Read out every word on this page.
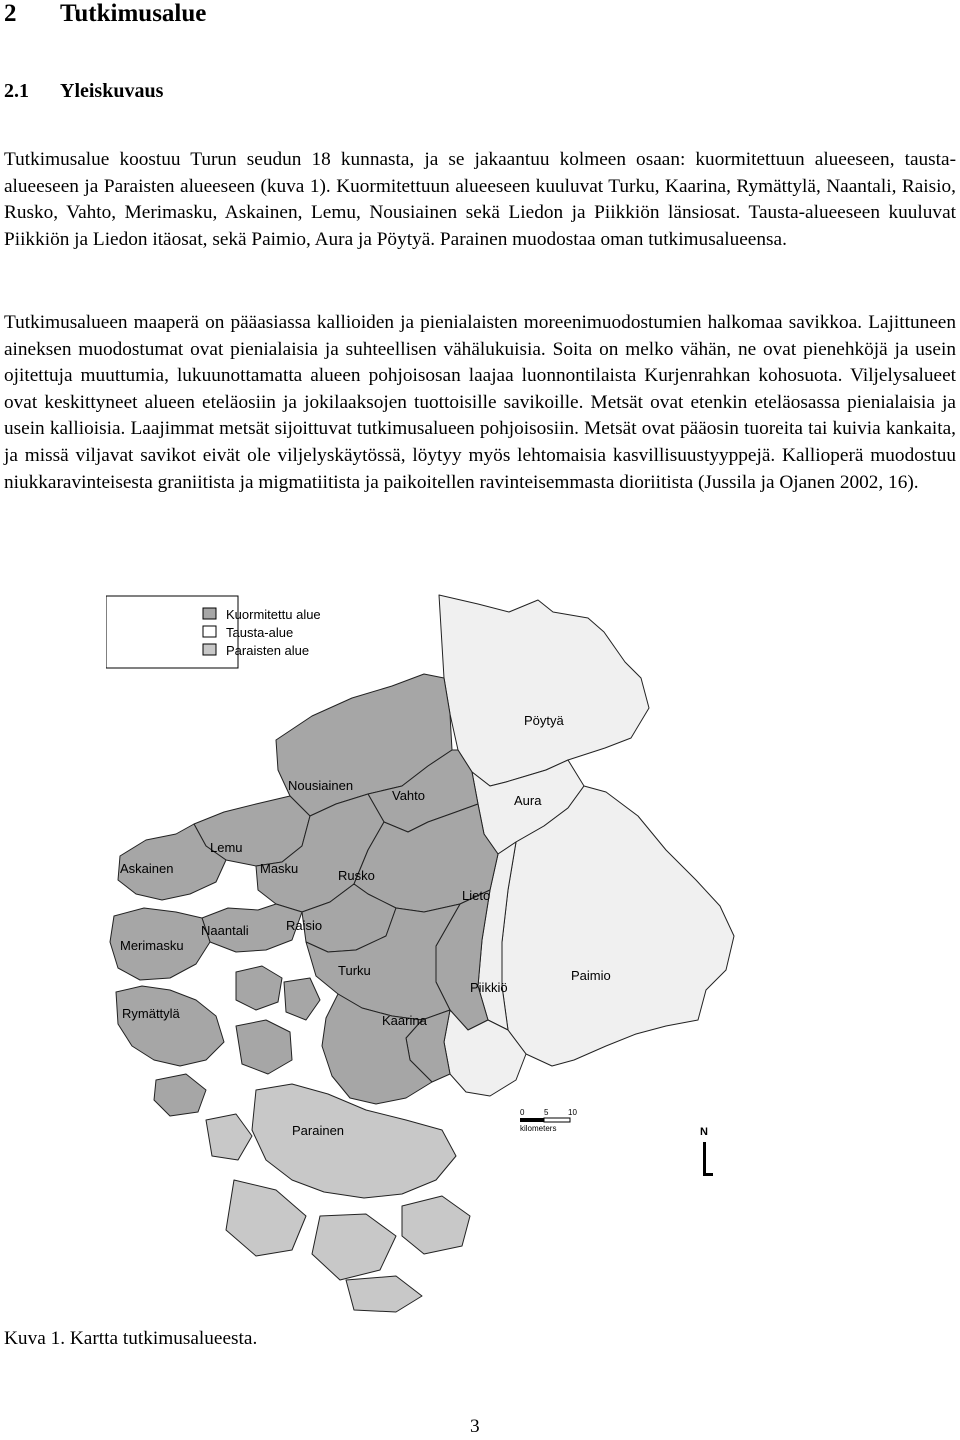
2 Tutkimusalue
2.1 Yleiskuvaus

Tutkimusalue koostuu Turun seudun 18 kunnasta, ja se jakaantuu kolmeen osaan: kuormitettuun alueeseen, tausta-alueeseen ja Paraisten alueeseen (kuva 1). Kuormitettuun alueeseen kuuluvat Turku, Kaarina, Rymättylä, Naantali, Raisio, Rusko, Vahto, Merimasku, Askainen, Lemu, Nousiainen sekä Liedon ja Piikkiön länsiosat. Tausta-alueeseen kuuluvat Piikkiön ja Liedon itäosat, sekä Paimio, Aura ja Pöytyä. Parainen muodostaa oman tutkimusalueensa.

Tutkimusalueen maaperä on pääasiassa kallioiden ja pienialaisten moreenimuodostumien halkomaa savikkoa. Lajittuneen aineksen muodostumat ovat pienialaisia ja suhteellisen vähälukuisia. Soita on melko vähän, ne ovat pienehköjä ja usein ojitettuja muuttumia, lukuunottamatta alueen pohjoisosan laajaa luonnontilaista Kurjenrahkan kohosuota. Viljelysalueet ovat keskittyneet alueen eteläosiin ja jokilaaksojen tuottoisille savikoille. Metsät ovat etenkin eteläosassa pienialaisia ja usein kallioisia. Laajimmat metsät sijoittuvat tutkimusalueen pohjoisosiin. Metsät ovat pääosin tuoreita tai kuivia kankaita, ja missä viljavat savikot eivät ole viljelyskäytössä, löytyy myös lehtomaisia kasvillisuustyyppejä. Kallioperä muodostuu niukkaravinteisesta graniitista ja migmatiitista ja paikoitellen ravinteisemmasta dioriitista (Jussila ja Ojanen 2002, 16).

Kuormitettu alue
Tausta-alue
Paraisten alue
Pöytyä
Nousiainen
Vahto	Aura
Lemu
Askainen	Masku	Rusko
Lieto
Naantali	Raisio
Merimasku
Turku	Paimio
Piikkiö
Rymättylä	Kaarina
Parainen
0 5 10
kilometers	N

Kuva 1. Kartta tutkimusalueesta.

3
